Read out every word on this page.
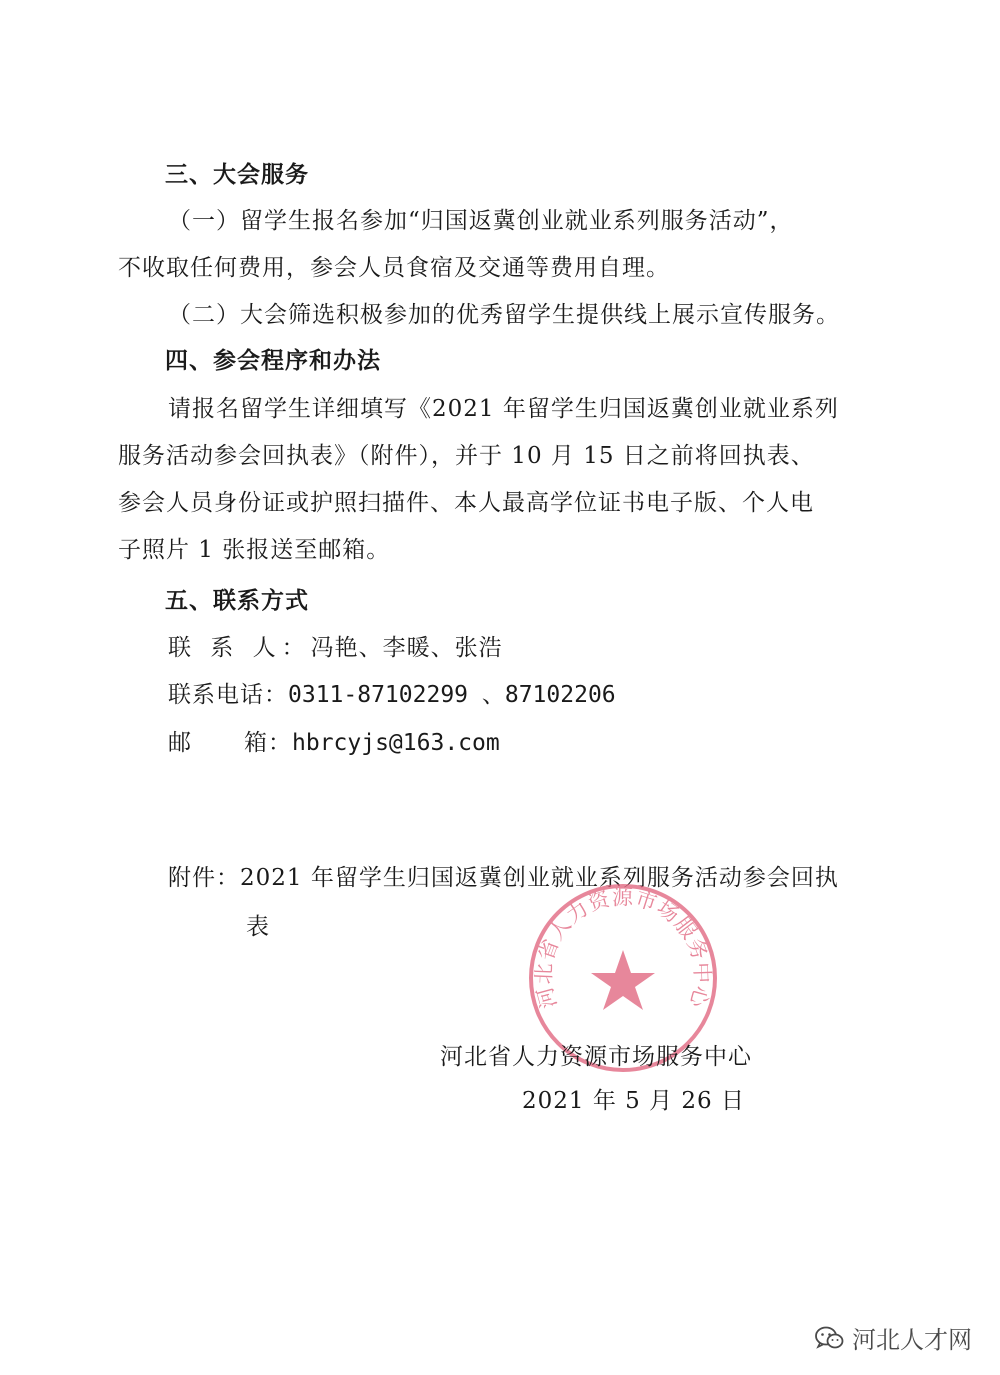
三、大会服务
（一）留学生报名参加“归国返冀创业就业系列服务活动”，
不收取任何费用，参会人员食宿及交通等费用自理。
（二）大会筛选积极参加的优秀留学生提供线上展示宣传服务。
四、参会程序和办法
请报名留学生详细填写《2021 年留学生归国返冀创业就业系列
服务活动参会回执表》（附件），并于 10 月 15 日之前将回执表、
参会人员身份证或护照扫描件、本人最高学位证书电子版、个人电
子照片 1 张报送至邮箱。
五、联系方式
联 系 人：冯艳、李暖、张浩
联系电话：0311-87102299 、87102206
邮 箱：hbrcyjs@163.com
附件：2021 年留学生归国返冀创业就业系列服务活动参会回执
表
河北省人力资源市场服务中心
河北省人力资源市场服务中心
2021 年 5 月 26 日
河北人才网
